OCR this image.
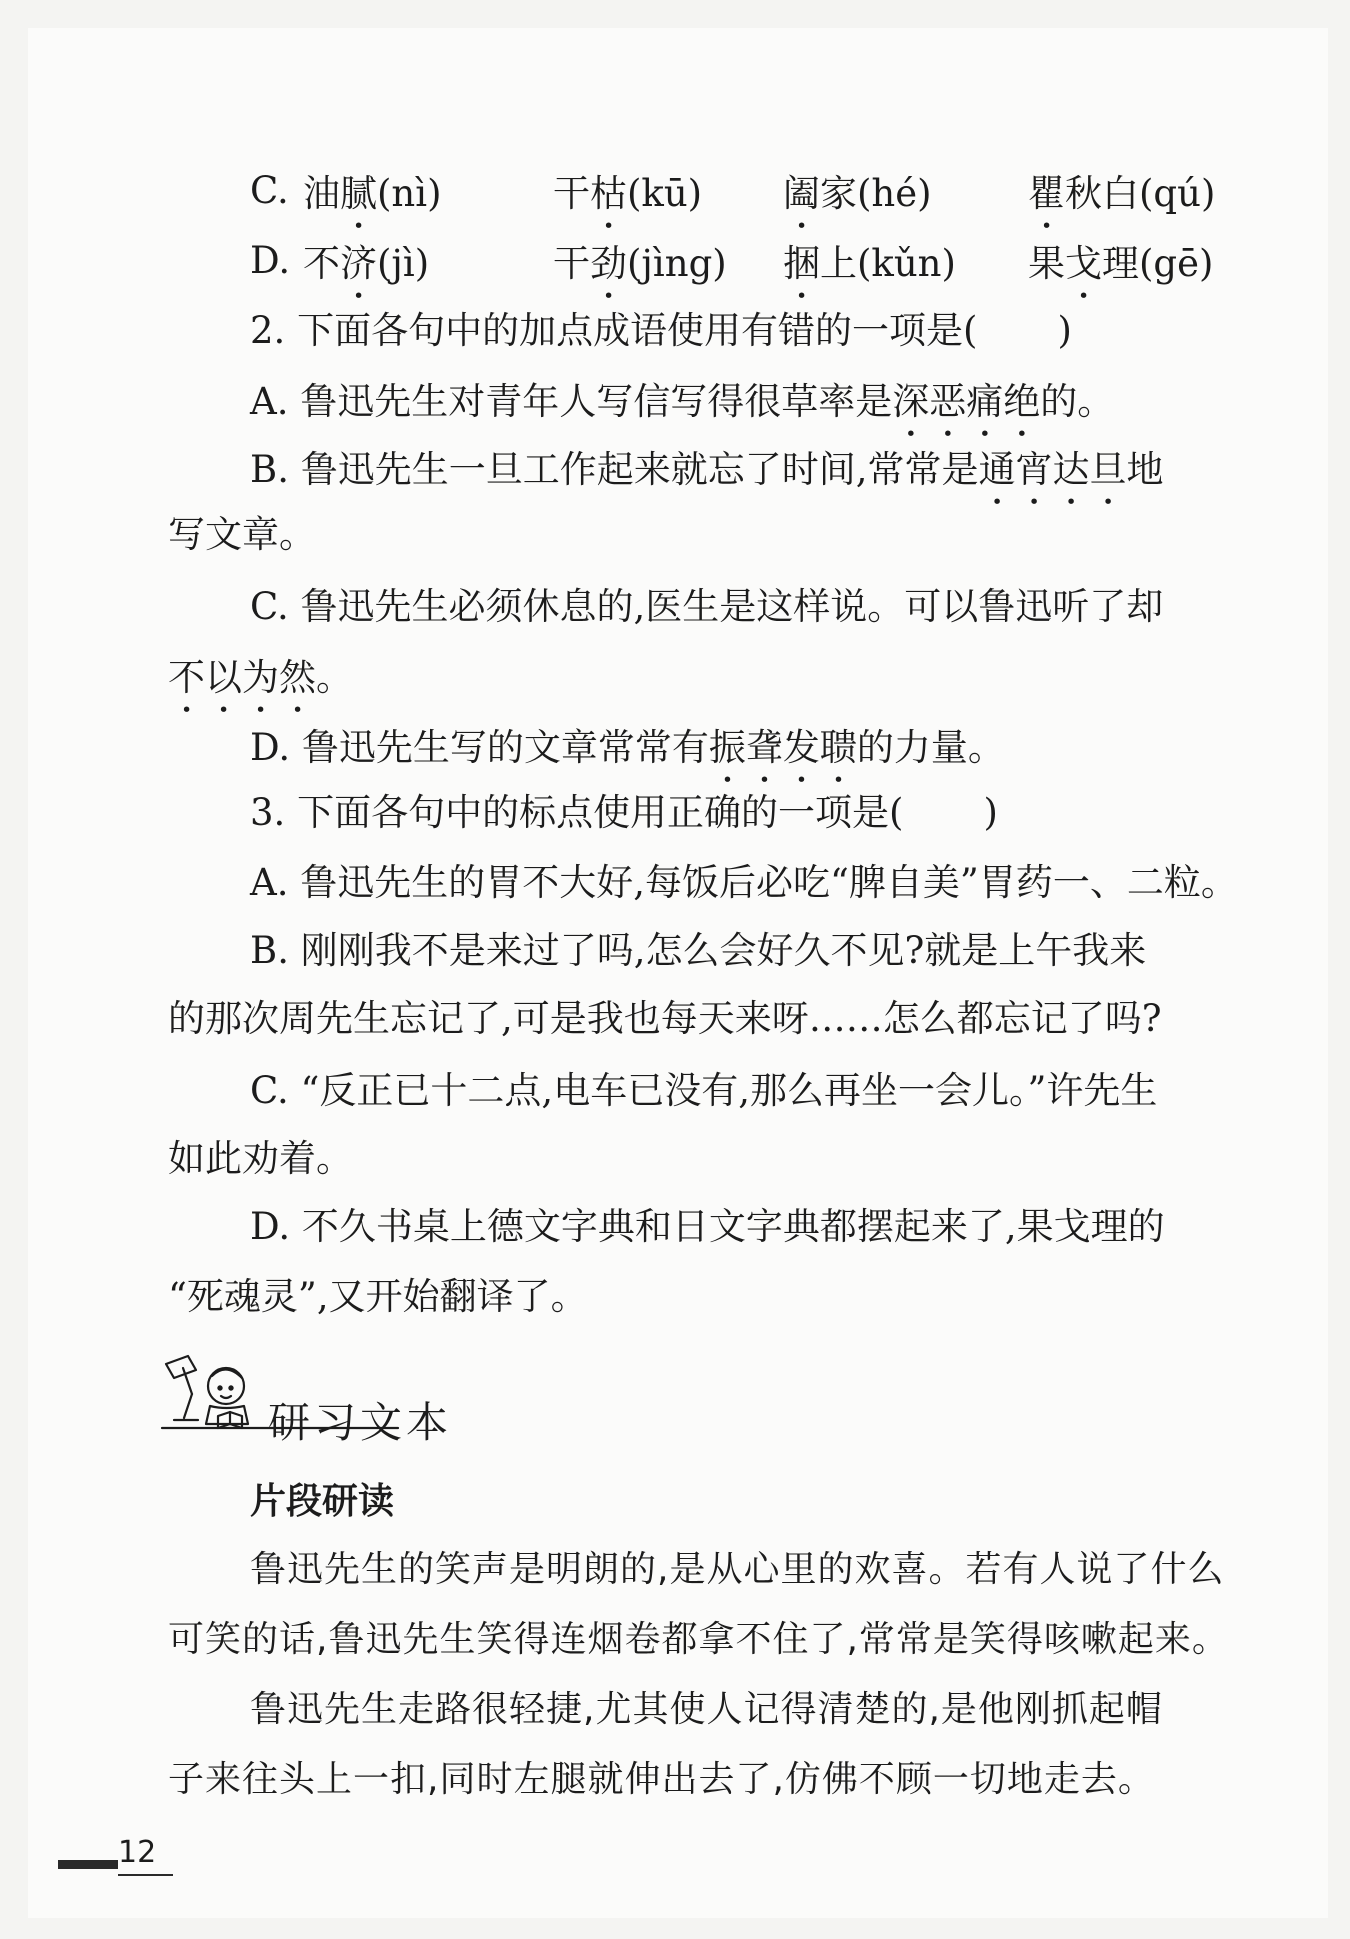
C. 油腻(nì)	干枯(kū) 阖家(hé)	瞿秋白(qú)
D. 不济(jì)	干劲(jìng) 捆上(kǔn) 果戈理(gē)
2. 下面各句中的加点成语使用有错的一项是( )
A. 鲁迅先生对青年人写信写得很草率是深恶痛绝的。
B. 鲁迅先生一旦工作起来就忘了时间,常常是通宵达旦地
写文章。
C. 鲁迅先生必须休息的,医生是这样说。可以鲁迅听了却
不以为然。
D. 鲁迅先生写的文章常常有振聋发聩的力量。
3. 下面各句中的标点使用正确的一项是( )
A. 鲁迅先生的胃不大好,每饭后必吃“脾自美”胃药一、二粒。
B. 刚刚我不是来过了吗,怎么会好久不见?就是上午我来
的那次周先生忘记了,可是我也每天来呀……怎么都忘记了吗?
C. “反正已十二点,电车已没有,那么再坐一会儿。”许先生
如此劝着。
D. 不久书桌上德文字典和日文字典都摆起来了,果戈理的
“死魂灵”,又开始翻译了。
研习文本
片段研读
鲁迅先生的笑声是明朗的,是从心里的欢喜。若有人说了什么
可笑的话,鲁迅先生笑得连烟卷都拿不住了,常常是笑得咳嗽起来。
鲁迅先生走路很轻捷,尤其使人记得清楚的,是他刚抓起帽
子来往头上一扣,同时左腿就伸出去了,仿佛不顾一切地走去。
12
